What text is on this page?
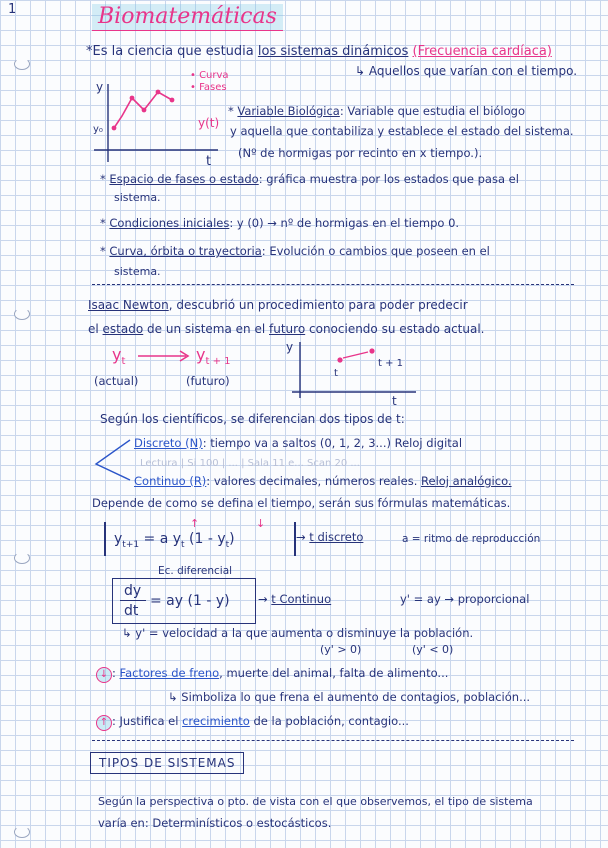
1	Biomatemáticas
*Es la ciencia que estudia los sistemas dinámicos (Frecuencia cardíaca)
↳ Aquellos que varían con el tiempo.
y
y₀
t
• Curva
• Fases
y(t)
* Variable Biológica: Variable que estudia el biólogo
y aquella que contabiliza y establece el estado del sistema.
(Nº de hormigas por recinto en x tiempo.).
* Espacio de fases o estado: gráfica muestra por los estados que pasa el
sistema.
* Condiciones iniciales: y (0) → nº de hormigas en el tiempo 0.
* Curva, órbita o trayectoria: Evolución o cambios que poseen en el
sistema.
Isaac Newton, descubrió un procedimiento para poder predecir
el estado de un sistema en el futuro conociendo su estado actual.
$y_t$	$y_{t + 1}$
(actual)	(futuro)
y
t
t
t + 1
Según los científicos, se diferencian dos tipos de t:
Discreto (N): tiempo va a saltos (0, 1, 2, 3...) Reloj digital
Lectura | Si 100 | ... | Sala 11 e... Scan 20 ...
Continuo (R): valores decimales, números reales. Reloj analógico.
Depende de como se defina el tiempo, serán sus fórmulas matemáticas.
$y_{t+1} = a$ $y_t$ $(1 - y_t)$
↑	↓
→ t discreto	a = ritmo de reproducción
Ec. diferencial
dy
dt
= ay (1 - y) → t Continuo	y' = ay → proporcional
↳ y' = velocidad a la que aumenta o disminuye la población.
(y' > 0)	(y' < 0)
↓ : Factores de freno, muerte del animal, falta de alimento...
↳ Simboliza lo que frena el aumento de contagios, población...
↑ : Justifica el crecimiento de la población, contagio...
TIPOS DE SISTEMAS
Según la perspectiva o pto. de vista con el que observemos, el tipo de sistema
varía en: Determinísticos o estocásticos.
